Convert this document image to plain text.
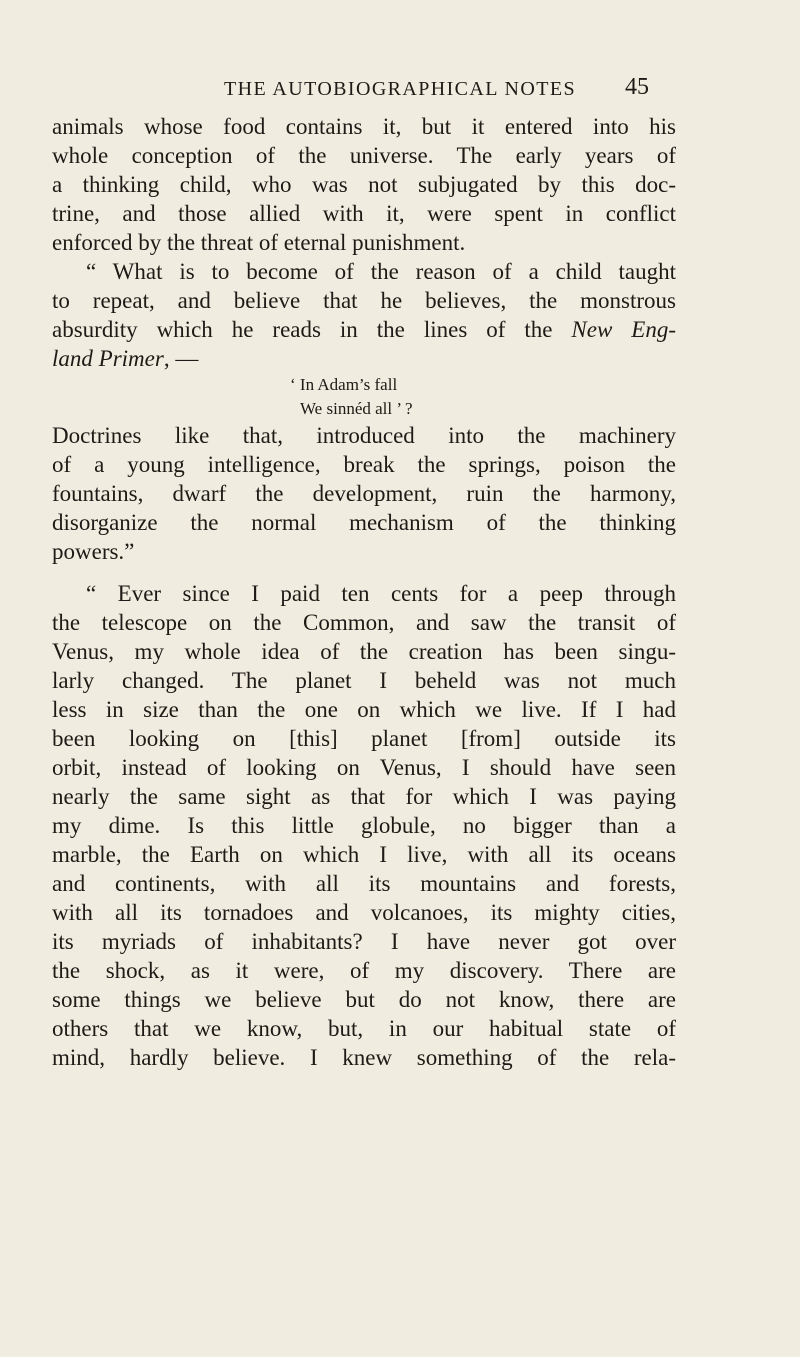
THE AUTOBIOGRAPHICAL NOTES	45
animals whose food contains it, but it entered into his
whole conception of the universe. The early years of
a thinking child, who was not subjugated by this doc-
trine, and those allied with it, were spent in conflict
enforced by the threat of eternal punishment.
“ What is to become of the reason of a child taught
to repeat, and believe that he believes, the monstrous
absurdity which he reads in the lines of the New Eng-
land Primer, —
‘ In Adam’s fall
We sinnéd all ’ ?
Doctrines like that, introduced into the machinery
of a young intelligence, break the springs, poison the
fountains, dwarf the development, ruin the harmony,
disorganize the normal mechanism of the thinking
powers.”
“ Ever since I paid ten cents for a peep through
the telescope on the Common, and saw the transit of
Venus, my whole idea of the creation has been singu-
larly changed. The planet I beheld was not much
less in size than the one on which we live. If I had
been looking on [this] planet [from] outside its
orbit, instead of looking on Venus, I should have seen
nearly the same sight as that for which I was paying
my dime. Is this little globule, no bigger than a
marble, the Earth on which I live, with all its oceans
and continents, with all its mountains and forests,
with all its tornadoes and volcanoes, its mighty cities,
its myriads of inhabitants? I have never got over
the shock, as it were, of my discovery. There are
some things we believe but do not know, there are
others that we know, but, in our habitual state of
mind, hardly believe. I knew something of the rela-
